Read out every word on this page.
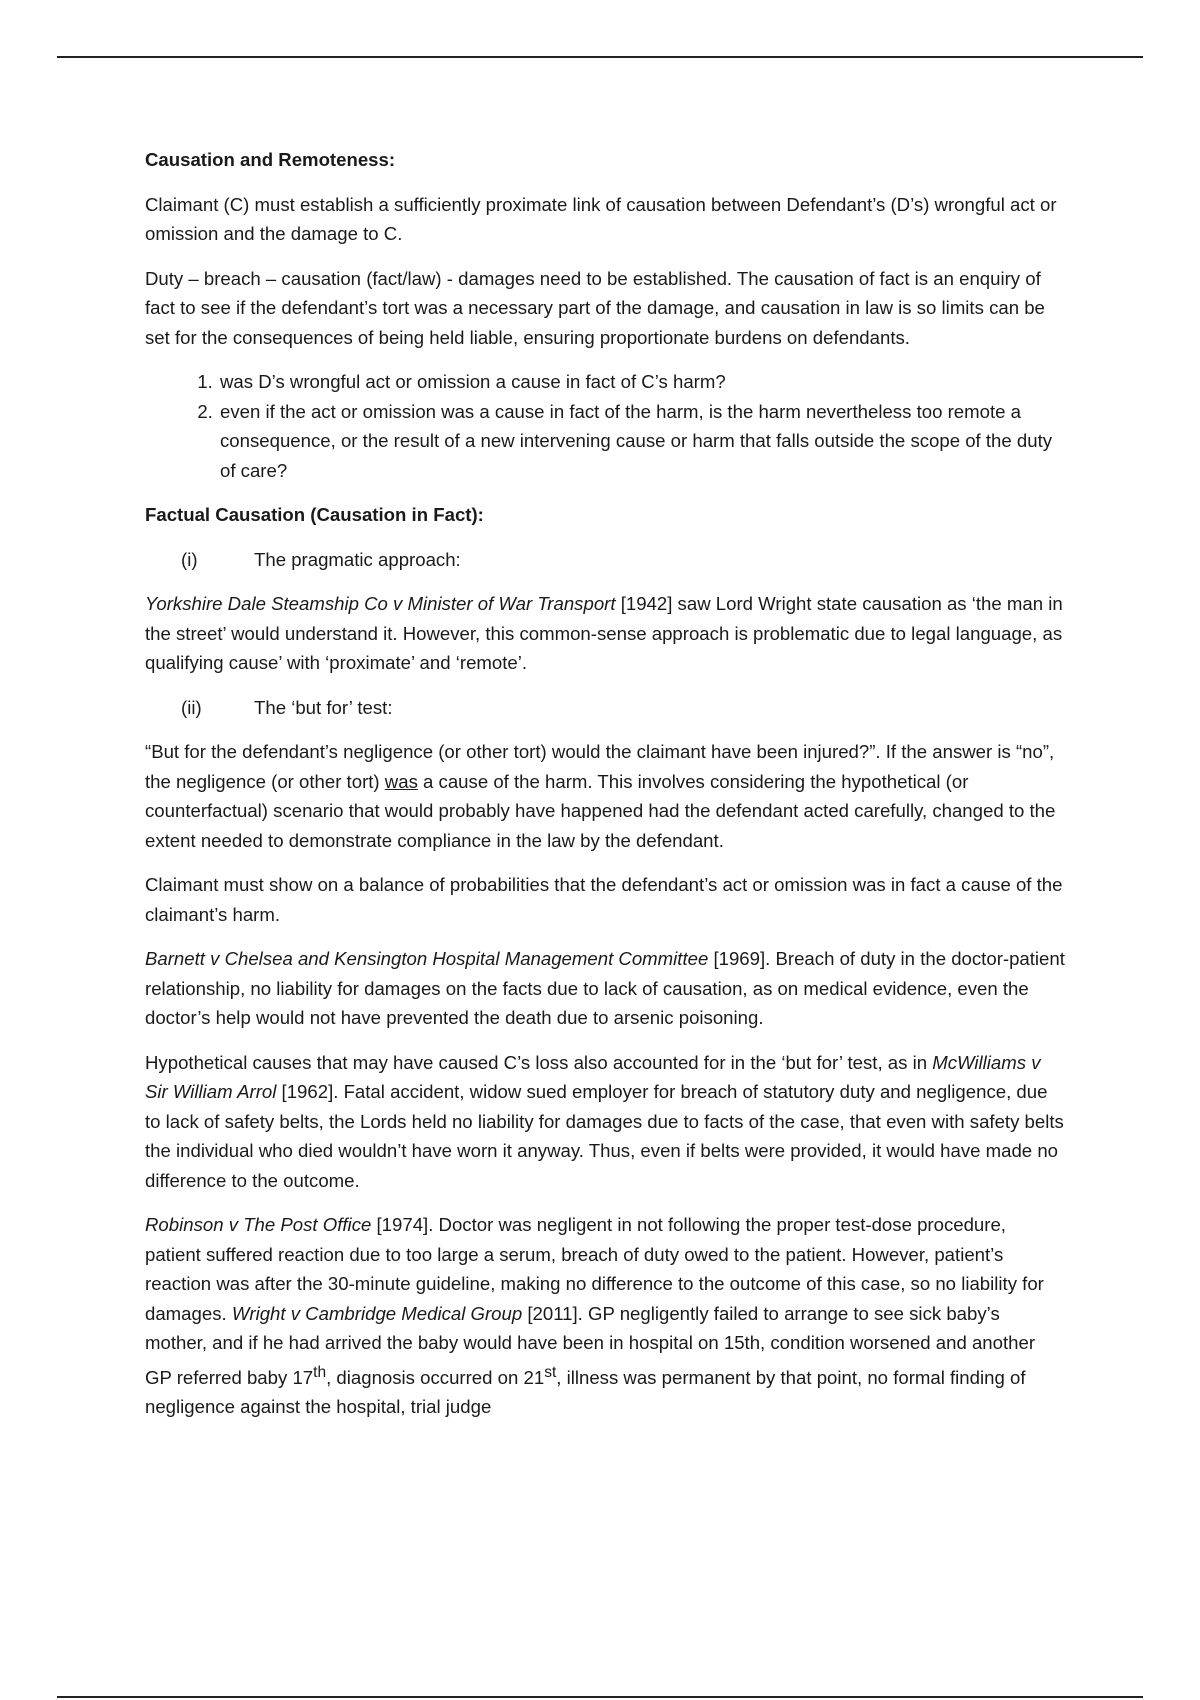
Causation and Remoteness:

Claimant (C) must establish a sufficiently proximate link of causation between Defendant’s (D’s) wrongful act or omission and the damage to C.

Duty – breach – causation (fact/law) - damages need to be established. The causation of fact is an enquiry of fact to see if the defendant’s tort was a necessary part of the damage, and causation in law is so limits can be set for the consequences of being held liable, ensuring proportionate burdens on defendants.

1. was D’s wrongful act or omission a cause in fact of C’s harm?
2. even if the act or omission was a cause in fact of the harm, is the harm nevertheless too remote a consequence, or the result of a new intervening cause or harm that falls outside the scope of the duty of care?

Factual Causation (Causation in Fact):

(i)	The pragmatic approach:

Yorkshire Dale Steamship Co v Minister of War Transport [1942] saw Lord Wright state causation as ‘the man in the street’ would understand it. However, this common-sense approach is problematic due to legal language, as qualifying cause’ with ‘proximate’ and ‘remote’.

(ii)	The ‘but for’ test:

“But for the defendant’s negligence (or other tort) would the claimant have been injured?”. If the answer is “no”, the negligence (or other tort) was a cause of the harm. This involves considering the hypothetical (or counterfactual) scenario that would probably have happened had the defendant acted carefully, changed to the extent needed to demonstrate compliance in the law by the defendant.

Claimant must show on a balance of probabilities that the defendant’s act or omission was in fact a cause of the claimant’s harm.

Barnett v Chelsea and Kensington Hospital Management Committee [1969]. Breach of duty in the doctor-patient relationship, no liability for damages on the facts due to lack of causation, as on medical evidence, even the doctor’s help would not have prevented the death due to arsenic poisoning.

Hypothetical causes that may have caused C’s loss also accounted for in the ‘but for’ test, as in McWilliams v Sir William Arrol [1962]. Fatal accident, widow sued employer for breach of statutory duty and negligence, due to lack of safety belts, the Lords held no liability for damages due to facts of the case, that even with safety belts the individual who died wouldn’t have worn it anyway. Thus, even if belts were provided, it would have made no difference to the outcome.

Robinson v The Post Office [1974]. Doctor was negligent in not following the proper test-dose procedure, patient suffered reaction due to too large a serum, breach of duty owed to the patient. However, patient’s reaction was after the 30-minute guideline, making no difference to the outcome of this case, so no liability for damages. Wright v Cambridge Medical Group [2011]. GP negligently failed to arrange to see sick baby’s mother, and if he had arrived the baby would have been in hospital on 15th, condition worsened and another GP referred baby 17th, diagnosis occurred on 21st, illness was permanent by that point, no formal finding of negligence against the hospital, trial judge
